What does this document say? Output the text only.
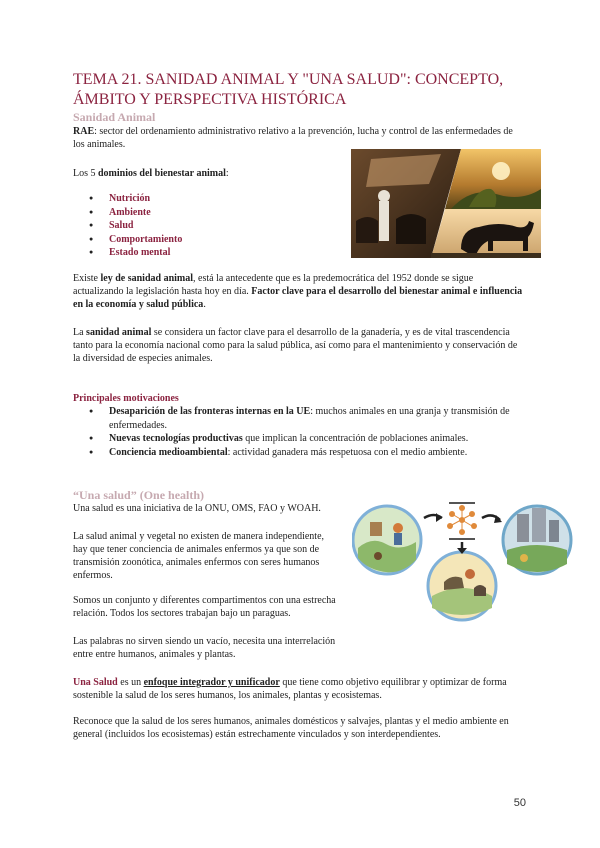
TEMA 21. SANIDAD ANIMAL Y "UNA SALUD": CONCEPTO, ÁMBITO Y PERSPECTIVA HISTÓRICA
Sanidad Animal
RAE: sector del ordenamiento administrativo relativo a la prevención, lucha y control de las enfermedades de los animales.
Los 5 dominios del bienestar animal:
● Nutrición
● Ambiente
● Salud
● Comportamiento
● Estado mental
Existe ley de sanidad animal, está la antecedente que es la predemocrática del 1952 donde se sigue actualizando la legislación hasta hoy en día. Factor clave para el desarrollo del bienestar animal e influencia en la economía y salud pública.
La sanidad animal se considera un factor clave para el desarrollo de la ganadería, y es de vital trascendencia tanto para la economía nacional como para la salud pública, así como para el mantenimiento y conservación de la diversidad de especies animales.
Principales motivaciones
● Desaparición de las fronteras internas en la UE: muchos animales en una granja y transmisión de enfermedades.
● Nuevas tecnologías productivas que implican la concentración de poblaciones animales.
● Conciencia medioambiental: actividad ganadera más respetuosa con el medio ambiente.
“Una salud” (One health)
Una salud es una iniciativa de la ONU, OMS, FAO y WOAH.
La salud animal y vegetal no existen de manera independiente, hay que tener conciencia de animales enfermos ya que son de transmisión zoonótica, animales enfermos con seres humanos enfermos.
Somos un conjunto y diferentes compartimentos con una estrecha relación. Todos los sectores trabajan bajo un paraguas.
Las palabras no sirven siendo un vacío, necesita una interrelación entre entre humanos, animales y plantas.
Una Salud es un enfoque integrador y unificador que tiene como objetivo equilibrar y optimizar de forma sostenible la salud de los seres humanos, los animales, plantas y ecosistemas.
Reconoce que la salud de los seres humanos, animales domésticos y salvajes, plantas y el medio ambiente en general (incluidos los ecosistemas) están estrechamente vinculados y son interdependientes.
50
